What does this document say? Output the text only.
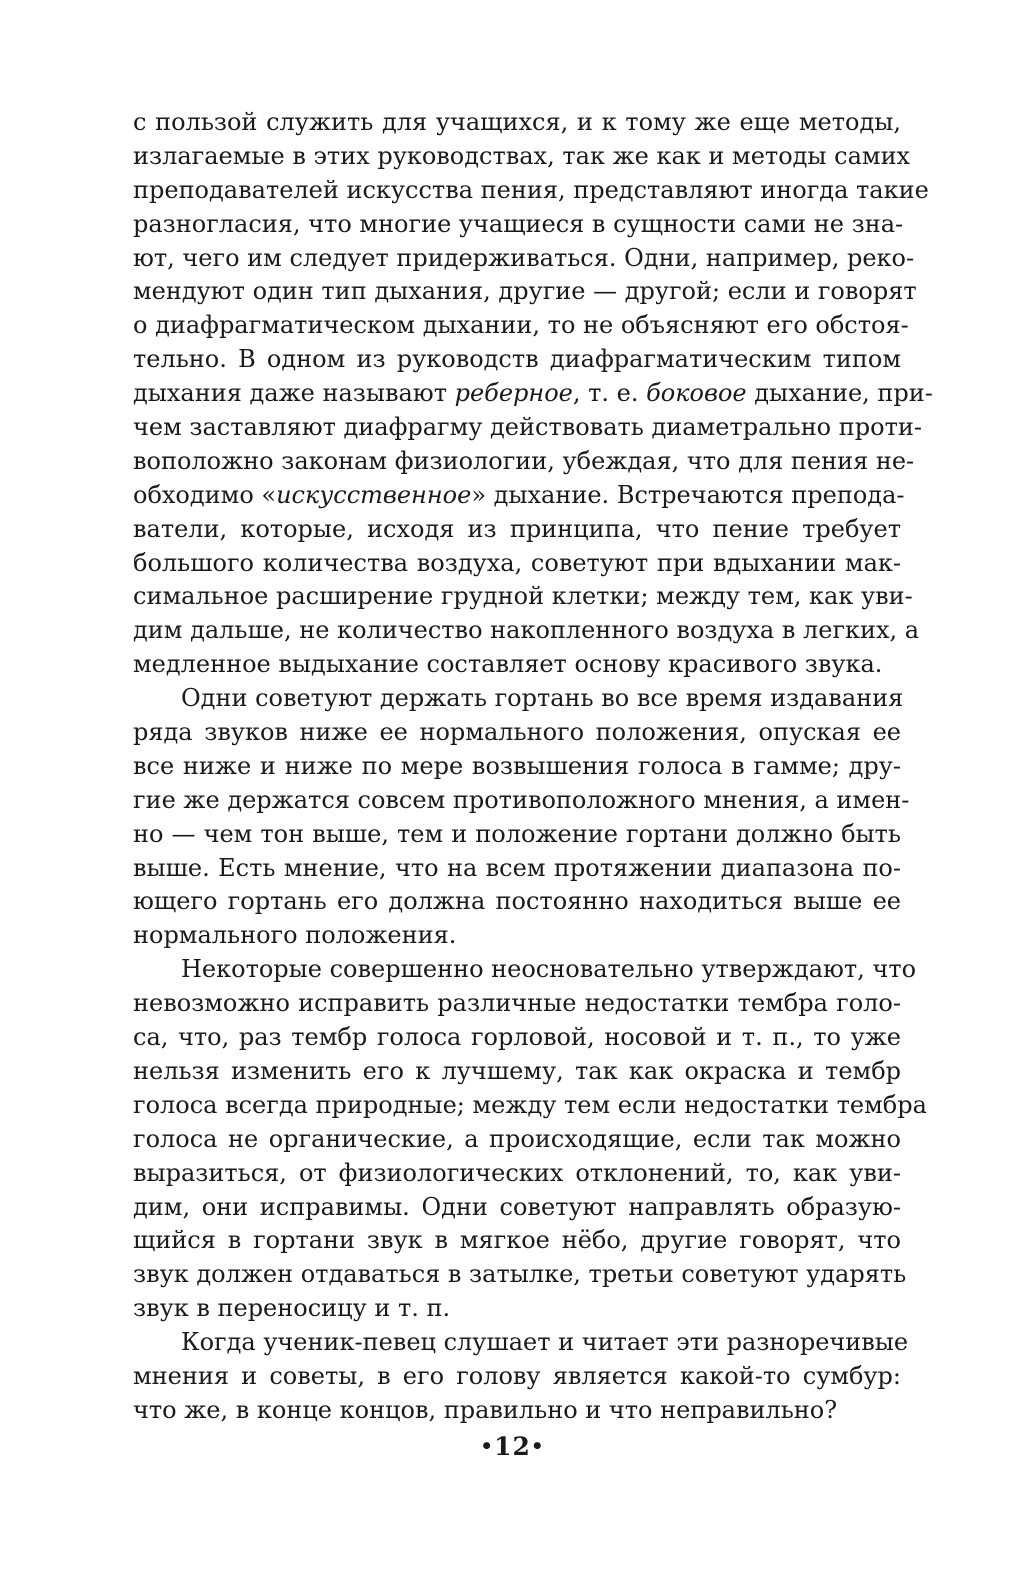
с пользой служить для учащихся, и к тому же еще методы,
излагаемые в этих руководствах, так же как и методы самих
преподавателей искусства пения, представляют иногда такие
разногласия, что многие учащиеся в сущности сами не зна-
ют, чего им следует придерживаться. Одни, например, реко-
мендуют один тип дыхания, другие — другой; если и говорят
о диафрагматическом дыхании, то не объясняют его обстоя-
тельно. В одном из руководств диафрагматическим типом
дыхания даже называют реберное, т. е. боковое дыхание, при-
чем заставляют диафрагму действовать диаметрально проти-
воположно законам физиологии, убеждая, что для пения не-
обходимо «искусственное» дыхание. Встречаются препода-
ватели, которые, исходя из принципа, что пение требует
большого количества воздуха, советуют при вдыхании мак-
симальное расширение грудной клетки; между тем, как уви-
дим дальше, не количество накопленного воздуха в легких, а
медленное выдыхание составляет основу красивого звука.
Одни советуют держать гортань во все время издавания
ряда звуков ниже ее нормального положения, опуская ее
все ниже и ниже по мере возвышения голоса в гамме; дру-
гие же держатся совсем противоположного мнения, а имен-
но — чем тон выше, тем и положение гортани должно быть
выше. Есть мнение, что на всем протяжении диапазона по-
ющего гортань его должна постоянно находиться выше ее
нормального положения.
Некоторые совершенно неосновательно утверждают, что
невозможно исправить различные недостатки тембра голо-
са, что, раз тембр голоса горловой, носовой и т. п., то уже
нельзя изменить его к лучшему, так как окраска и тембр
голоса всегда природные; между тем если недостатки тембра
голоса не органические, а происходящие, если так можно
выразиться, от физиологических отклонений, то, как уви-
дим, они исправимы. Одни советуют направлять образую-
щийся в гортани звук в мягкое нёбо, другие говорят, что
звук должен отдаваться в затылке, третьи советуют ударять
звук в переносицу и т. п.
Когда ученик-певец слушает и читает эти разноречивые
мнения и советы, в его голову является какой-то сумбур:
что же, в конце концов, правильно и что неправильно?
•12•
